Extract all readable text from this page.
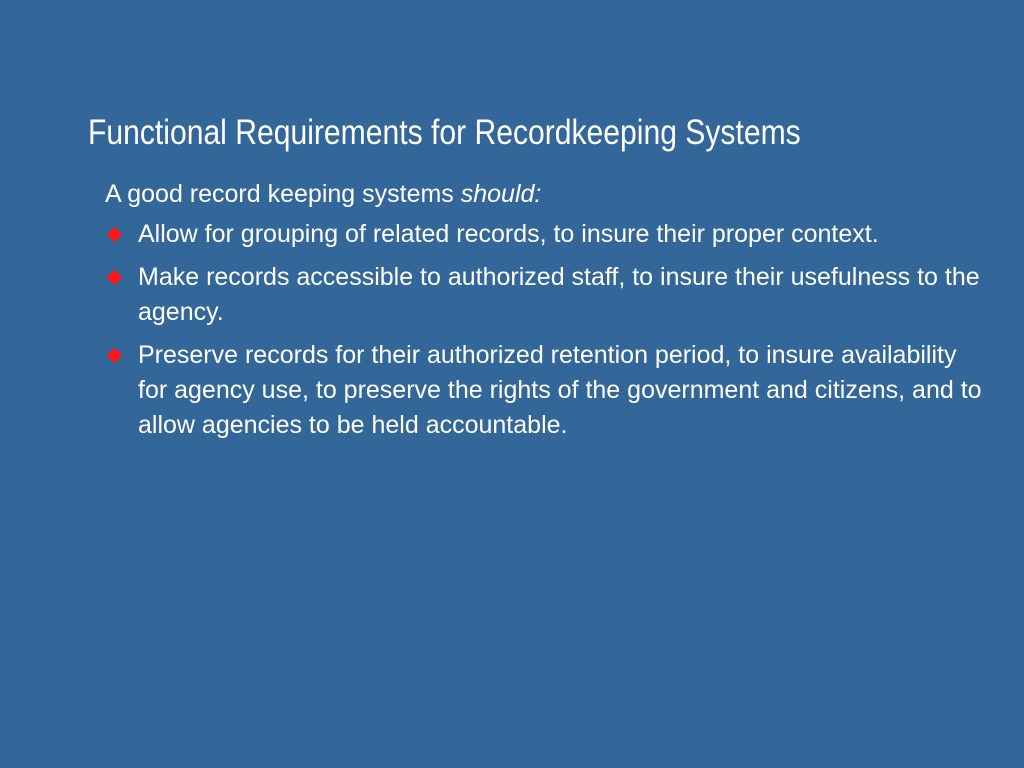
Functional Requirements for Recordkeeping Systems

A good record keeping systems should:

Allow for grouping of related records, to insure their proper context.
Make records accessible to authorized staff, to insure their usefulness to the agency.
Preserve records for their authorized retention period, to insure availability for agency use, to preserve the rights of the government and citizens, and to allow agencies to be held accountable.
